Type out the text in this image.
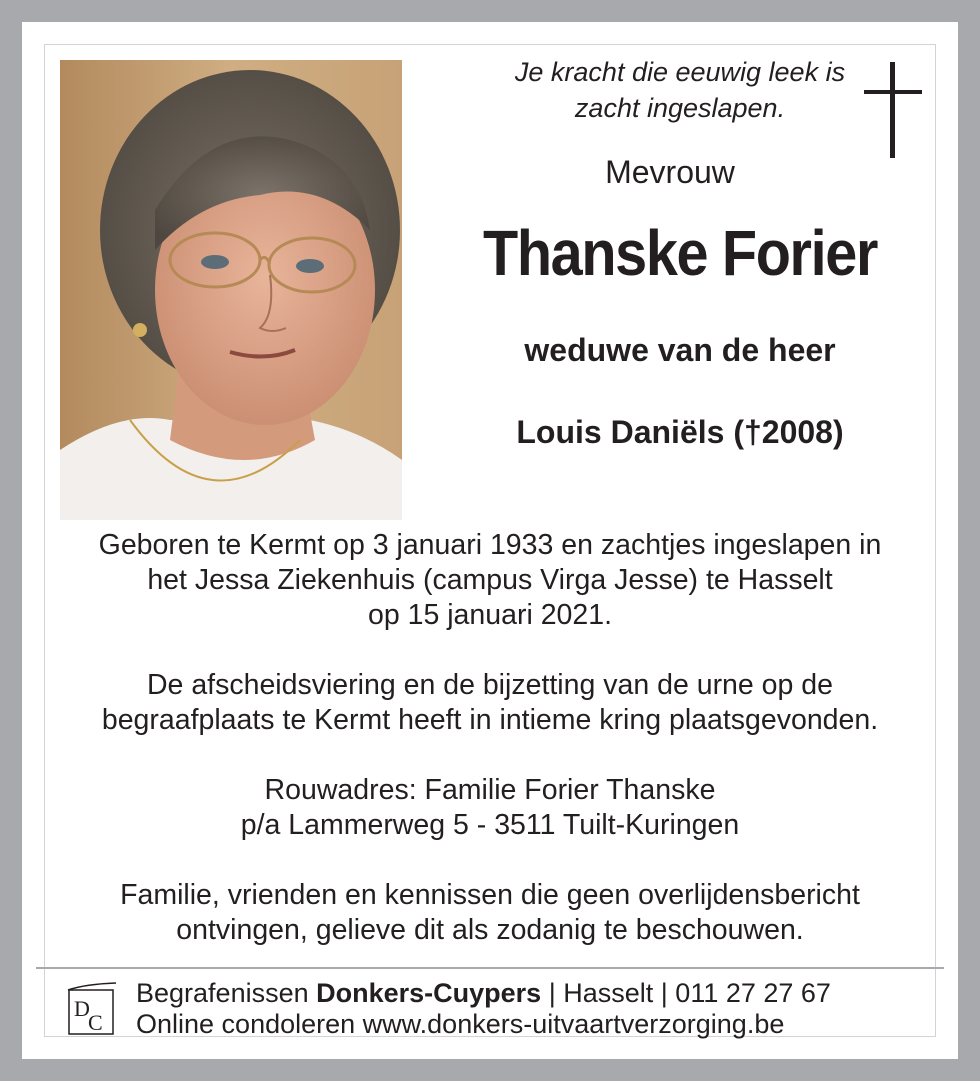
Je kracht die eeuwig leek is
zacht ingeslapen.
Mevrouw
Thanske Forier
weduwe van de heer
Louis Daniëls (†2008)
Geboren te Kermt op 3 januari 1933 en zachtjes ingeslapen in
het Jessa Ziekenhuis (campus Virga Jesse) te Hasselt
op 15 januari 2021.
De afscheidsviering en de bijzetting van de urne op de
begraafplaats te Kermt heeft in intieme kring plaatsgevonden.
Rouwadres: Familie Forier Thanske
p/a Lammerweg 5 - 3511 Tuilt-Kuringen
Familie, vrienden en kennissen die geen overlijdensbericht
ontvingen, gelieve dit als zodanig te beschouwen.
D
C
Begrafenissen Donkers-Cuypers | Hasselt | 011 27 27 67
Online condoleren www.donkers-uitvaartverzorging.be
